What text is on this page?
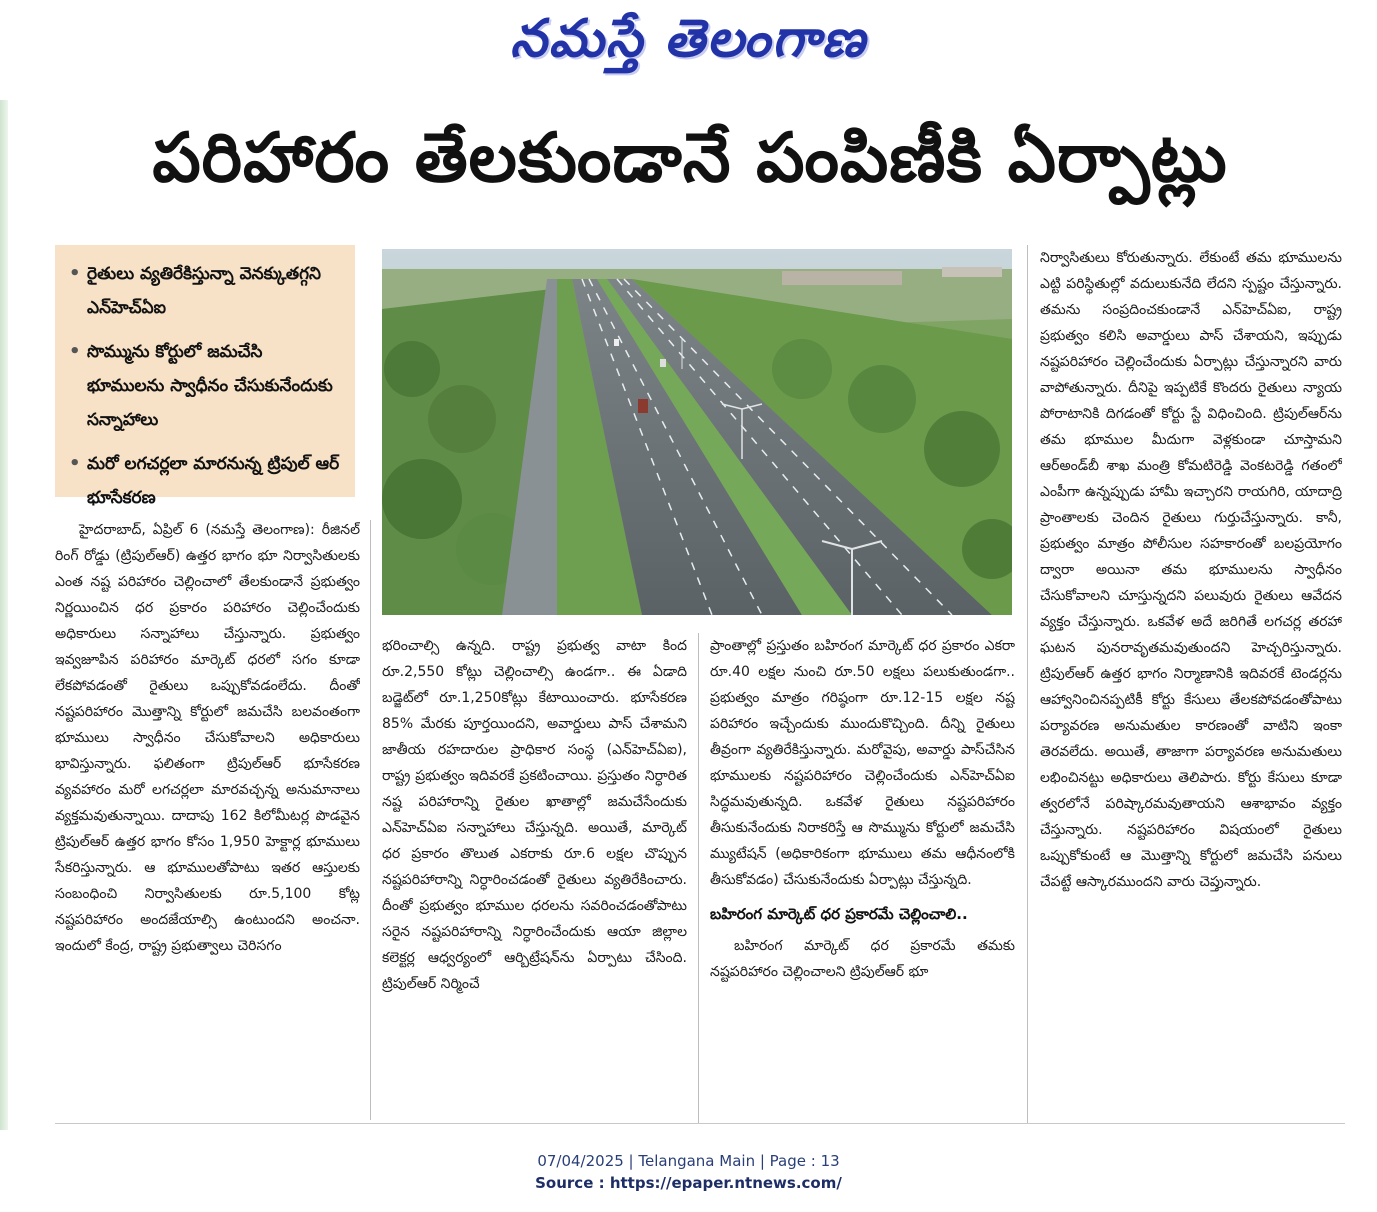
నమస్తే తెలంగాణ
పరిహారం తేలకుండానే పంపిణీకి ఏర్పాట్లు
• రైతులు వ్యతిరేకిస్తున్నా వెనక్కుతగ్గని ఎన్‌హెచ్‌ఏఐ
• సొమ్మును కోర్టులో జమచేసి భూములను స్వాధీనం చేసుకునేందుకు సన్నాహాలు
• మరో లగచర్లలా మారనున్న ట్రిపుల్ ఆర్ భూసేకరణ

హైదరాబాద్, ఏప్రిల్ 6 (నమస్తే తెలంగాణ): రీజినల్ రింగ్ రోడ్డు (ట్రిపుల్‌ఆర్) ఉత్తర భాగం భూ నిర్వాసితులకు ఎంత నష్ట పరిహారం చెల్లించాలో తేలకుండానే ప్రభుత్వం నిర్ణయించిన ధర ప్రకారం పరిహారం చెల్లించేందుకు అధికారులు సన్నాహాలు చేస్తున్నారు. ప్రభుత్వం ఇవ్వజూపిన పరిహారం మార్కెట్ ధరలో సగం కూడా లేకపోవడంతో రైతులు ఒప్పుకోవడంలేదు. దీంతో నష్టపరిహారం మొత్తాన్ని కోర్టులో జమచేసి బలవంతంగా భూములు స్వాధీనం చేసుకోవాలని అధికారులు భావిస్తున్నారు. ఫలితంగా ట్రిపుల్‌ఆర్ భూసేకరణ వ్యవహారం మరో లగచర్లలా మారవచ్చన్న అనుమానాలు వ్యక్తమవుతున్నాయి. దాదాపు 162 కిలోమీటర్ల పొడవైన ట్రిపుల్‌ఆర్ ఉత్తర భాగం కోసం 1,950 హెక్టార్ల భూములు సేకరిస్తున్నారు. ఆ భూములతోపాటు ఇతర ఆస్తులకు సంబంధించి నిర్వాసితులకు రూ.5,100 కోట్ల నష్టపరిహారం అందజేయాల్సి ఉంటుందని అంచనా. ఇందులో కేంద్ర, రాష్ట్ర ప్రభుత్వాలు చెరిసగం

భరించాల్సి ఉన్నది. రాష్ట్ర ప్రభుత్వ వాటా కింద రూ.2,550 కోట్లు చెల్లించాల్సి ఉండగా.. ఈ ఏడాది బడ్జెట్‌లో రూ.1,250కోట్లు కేటాయించారు. భూసేకరణ 85% మేరకు పూర్తయిందని, అవార్డులు పాస్ చేశామని జాతీయ రహదారుల ప్రాధికార సంస్థ (ఎన్‌హెచ్‌ఏఐ), రాష్ట్ర ప్రభుత్వం ఇదివరకే ప్రకటించాయి. ప్రస్తుతం నిర్ధారిత నష్ట పరిహారాన్ని రైతుల ఖాతాల్లో జమచేసేందుకు ఎన్‌హెచ్‌ఏఐ సన్నాహాలు చేస్తున్నది. అయితే, మార్కెట్ ధర ప్రకారం తొలుత ఎకరాకు రూ.6 లక్షల చొప్పున నష్టపరిహారాన్ని నిర్ధారించడంతో రైతులు వ్యతిరేకించారు. దీంతో ప్రభుత్వం భూముల ధరలను సవరించడంతోపాటు సరైన నష్టపరిహారాన్ని నిర్ధారించేందుకు ఆయా జిల్లాల కలెక్టర్ల ఆధ్వర్యంలో ఆర్బిట్రేషన్‌ను ఏర్పాటు చేసింది. ట్రిపుల్‌ఆర్ నిర్మించే

ప్రాంతాల్లో ప్రస్తుతం బహిరంగ మార్కెట్ ధర ప్రకారం ఎకరా రూ.40 లక్షల నుంచి రూ.50 లక్షలు పలుకుతుండగా.. ప్రభుత్వం మాత్రం గరిష్ఠంగా రూ.12-15 లక్షల నష్ట పరిహారం ఇచ్చేందుకు ముందుకొచ్చింది. దీన్ని రైతులు తీవ్రంగా వ్యతిరేకిస్తున్నారు. మరోవైపు, అవార్డు పాస్‌చేసిన భూములకు నష్టపరిహారం చెల్లించేందుకు ఎన్‌హెచ్‌ఏఐ సిద్ధమవుతున్నది. ఒకవేళ రైతులు నష్టపరిహారం తీసుకునేందుకు నిరాకరిస్తే ఆ సొమ్మును కోర్టులో జమచేసి మ్యుటేషన్ (అధికారికంగా భూములు తమ ఆధీనంలోకి తీసుకోవడం) చేసుకునేందుకు ఏర్పాట్లు చేస్తున్నది.

బహిరంగ మార్కెట్ ధర ప్రకారమే చెల్లించాలి..

బహిరంగ మార్కెట్ ధర ప్రకారమే తమకు నష్టపరిహారం చెల్లించాలని ట్రిపుల్‌ఆర్ భూ

నిర్వాసితులు కోరుతున్నారు. లేకుంటే తమ భూములను ఎట్టి పరిస్థితుల్లో వదులుకునేది లేదని స్పష్టం చేస్తున్నారు. తమను సంప్రదించకుండానే ఎన్‌హెచ్‌ఏఐ, రాష్ట్ర ప్రభుత్వం కలిసి అవార్డులు పాస్ చేశాయని, ఇప్పుడు నష్టపరిహారం చెల్లించేందుకు ఏర్పాట్లు చేస్తున్నారని వారు వాపోతున్నారు. దీనిపై ఇప్పటికే కొందరు రైతులు న్యాయ పోరాటానికి దిగడంతో కోర్టు స్టే విధించింది. ట్రిపుల్‌ఆర్‌ను తమ భూముల మీదుగా వెళ్లకుండా చూస్తామని ఆర్‌అండ్‌బీ శాఖ మంత్రి కోమటిరెడ్డి వెంకటరెడ్డి గతంలో ఎంపీగా ఉన్నప్పుడు హామీ ఇచ్చారని రాయగిరి, యాదాద్రి ప్రాంతాలకు చెందిన రైతులు గుర్తుచేస్తున్నారు. కానీ, ప్రభుత్వం మాత్రం పోలీసుల సహకారంతో బలప్రయోగం ద్వారా అయినా తమ భూములను స్వాధీనం చేసుకోవాలని చూస్తున్నదని పలువురు రైతులు ఆవేదన వ్యక్తం చేస్తున్నారు. ఒకవేళ అదే జరిగితే లగచర్ల తరహా ఘటన పునరావృతమవుతుందని హెచ్చరిస్తున్నారు. ట్రిపుల్‌ఆర్ ఉత్తర భాగం నిర్మాణానికి ఇదివరకే టెండర్లను ఆహ్వానించినప్పటికీ కోర్టు కేసులు తేలకపోవడంతోపాటు పర్యావరణ అనుమతుల కారణంతో వాటిని ఇంకా తెరవలేదు. అయితే, తాజాగా పర్యావరణ అనుమతులు లభించినట్టు అధికారులు తెలిపారు. కోర్టు కేసులు కూడా త్వరలోనే పరిష్కారమవుతాయని ఆశాభావం వ్యక్తం చేస్తున్నారు. నష్టపరిహారం విషయంలో రైతులు ఒప్పుకోకుంటే ఆ మొత్తాన్ని కోర్టులో జమచేసి పనులు చేపట్టే ఆస్కారముందని వారు చెప్తున్నారు.

07/04/2025 | Telangana Main | Page : 13
Source : https://epaper.ntnews.com/
